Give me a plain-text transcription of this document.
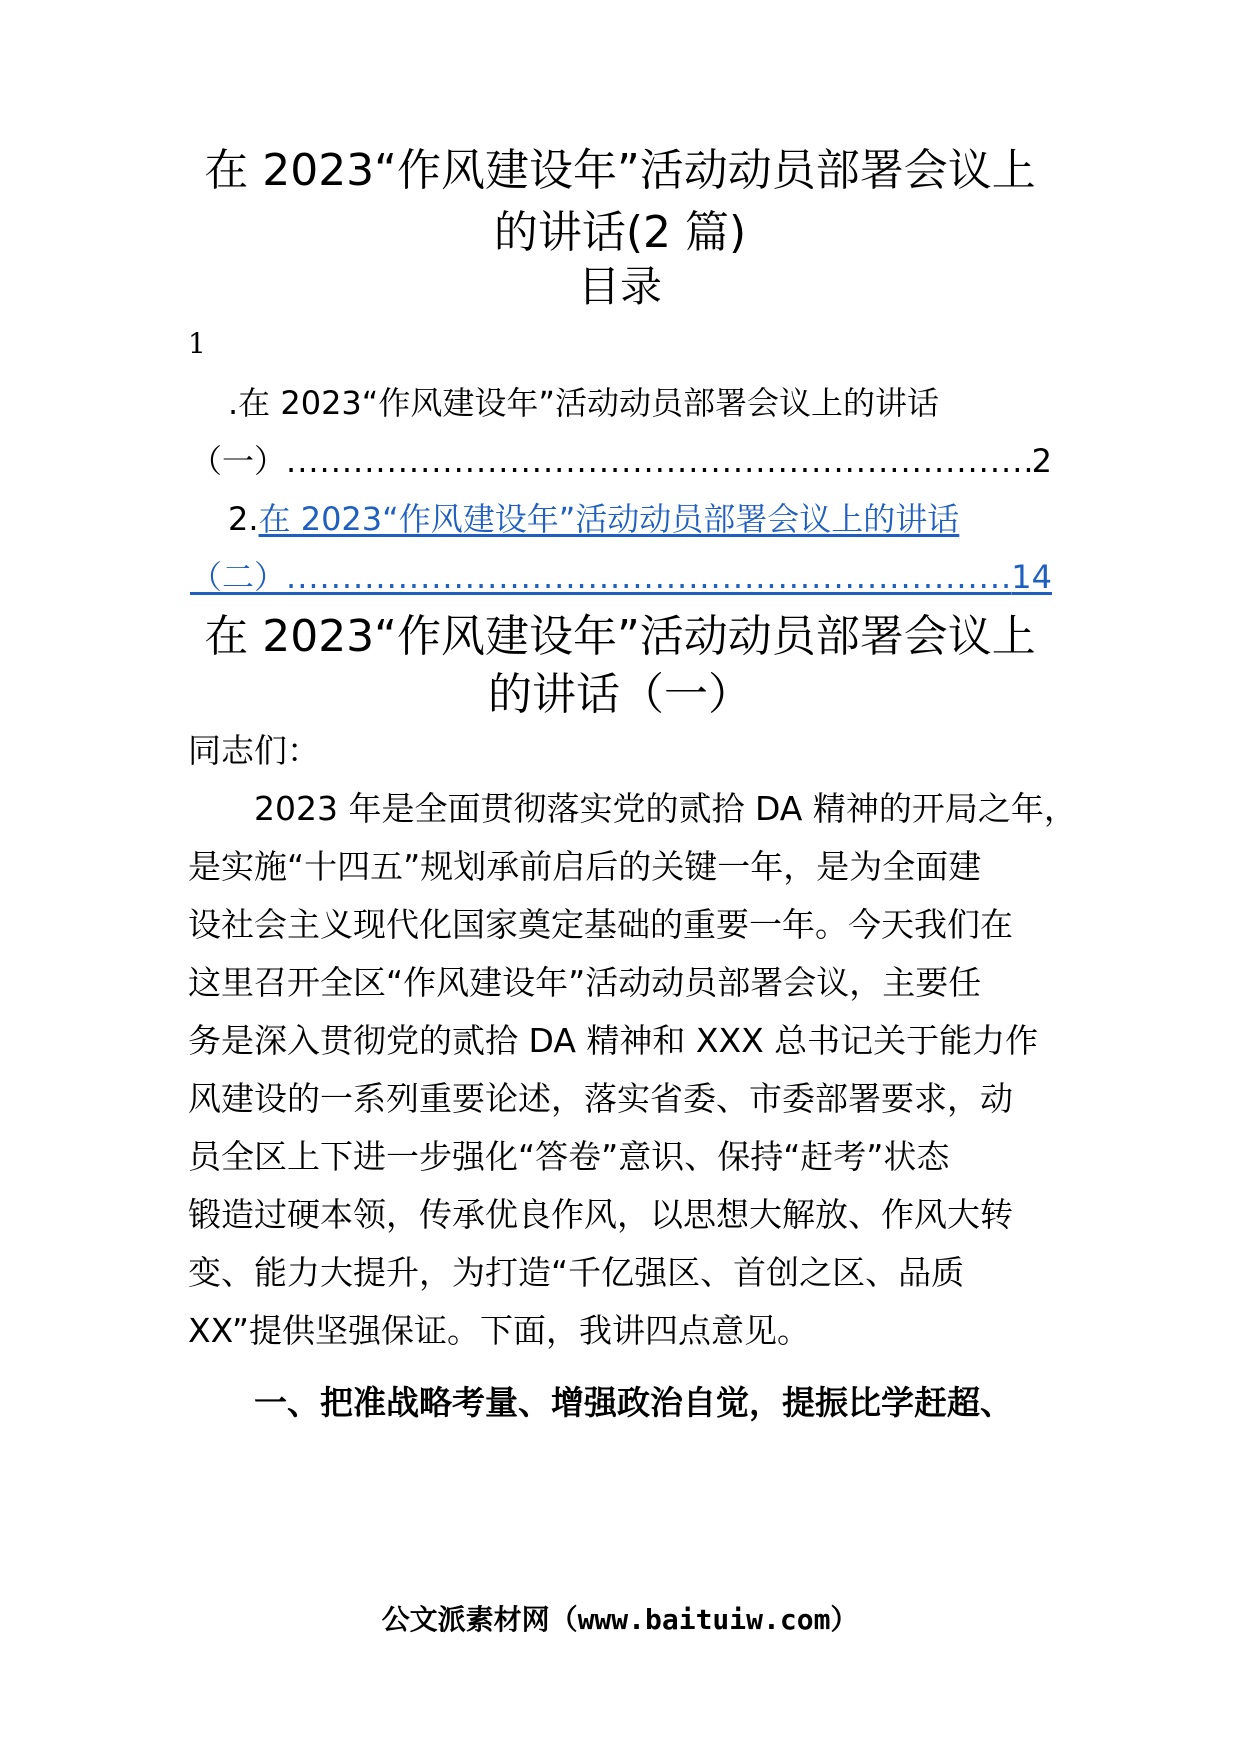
在 2023“作风建设年”活动动员部署会议上
的讲话(2 篇)
目录
1
.在 2023“作风建设年”活动动员部署会议上的讲话
（一） .....	2
2.在 2023“作风建设年”活动动员部署会议上的讲话
（二） .....	14
在 2023“作风建设年”活动动员部署会议上
的讲话（一）
同志们：
2023 年是全面贯彻落实党的贰拾 DA 精神的开局之年，
是实施“十四五”规划承前启后的关键一年，是为全面建
设社会主义现代化国家奠定基础的重要一年。今天我们在
这里召开全区“作风建设年”活动动员部署会议，主要任
务是深入贯彻党的贰拾 DA 精神和 XXX 总书记关于能力作
风建设的一系列重要论述，落实省委、市委部署要求，动
员全区上下进一步强化“答卷”意识、保持“赶考”状态
锻造过硬本领，传承优良作风，以思想大解放、作风大转
变、能力大提升，为打造“千亿强区、首创之区、品质
XX”提供坚强保证。下面，我讲四点意见。
一、把准战略考量、增强政治自觉，提振比学赶超、
公文派素材网（www.baituiw.com）
